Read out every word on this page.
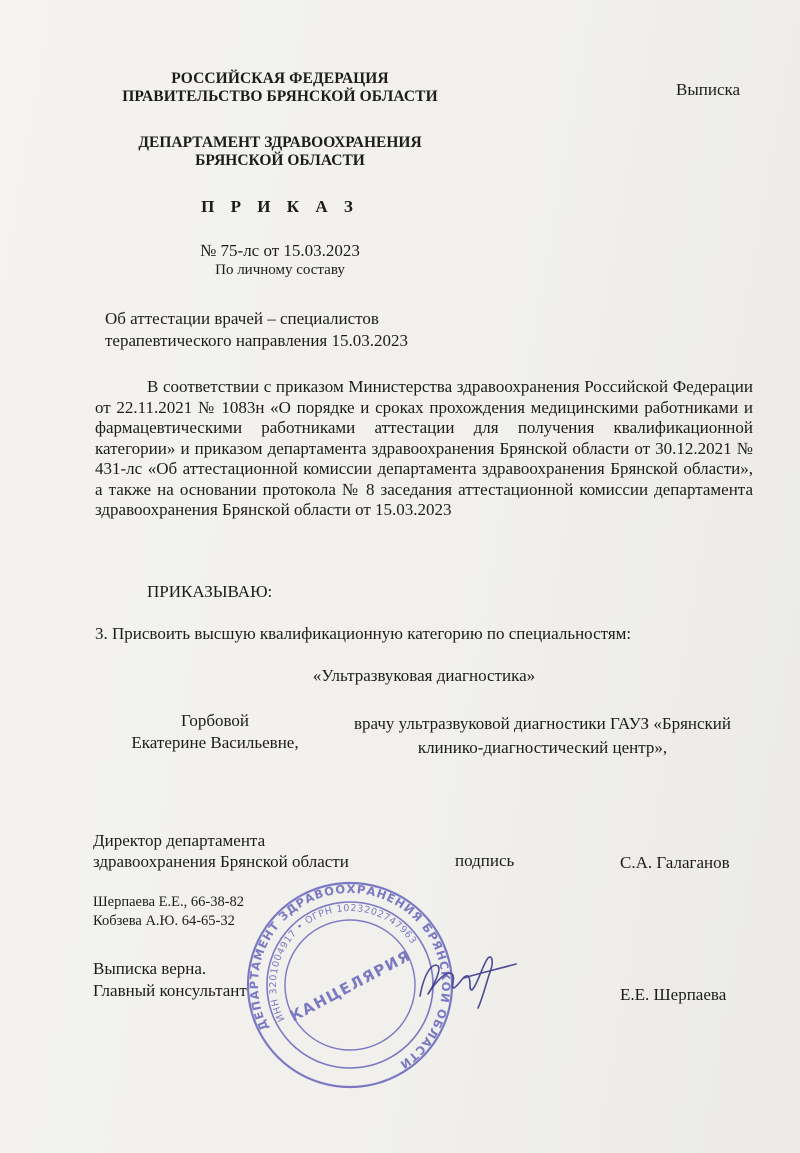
РОССИЙСКАЯ ФЕДЕРАЦИЯ
ПРАВИТЕЛЬСТВО БРЯНСКОЙ ОБЛАСТИ
ДЕПАРТАМЕНТ ЗДРАВООХРАНЕНИЯ
БРЯНСКОЙ ОБЛАСТИ
Выписка
П Р И К А З
№ 75-лс от 15.03.2023
По личному составу
Об аттестации врачей – специалистов
терапевтического направления 15.03.2023
В соответствии с приказом Министерства здравоохранения Российской Федерации от 22.11.2021 № 1083н «О порядке и сроках прохождения медицинскими работниками и фармацевтическими работниками аттестации для получения квалификационной категории» и приказом департамента здравоохранения Брянской области от 30.12.2021 № 431-лс «Об аттестационной комиссии департамента здравоохранения Брянской области», а также на основании протокола № 8 заседания аттестационной комиссии департамента здравоохранения Брянской области от 15.03.2023
ПРИКАЗЫВАЮ:
3. Присвоить высшую квалификационную категорию по специальностям:
«Ультразвуковая диагностика»
Горбовой
Екатерине Васильевне,
врачу ультразвуковой диагностики ГАУЗ «Брянский клинико-диагностический центр»,
Директор департамента
здравоохранения Брянской области	подпись	С.А. Галаганов
Шерпаева Е.Е., 66-38-82
Кобзева А.Ю. 64-65-32
ДЕПАРТАМЕНТ ЗДРАВООХРАНЕНИЯ БРЯНСКОЙ ОБЛАСТИ
ИНН 3201004917 • ОГРН 1023202747963
КАНЦЕЛЯРИЯ
Выписка верна.
Главный консультант	Е.Е. Шерпаева
